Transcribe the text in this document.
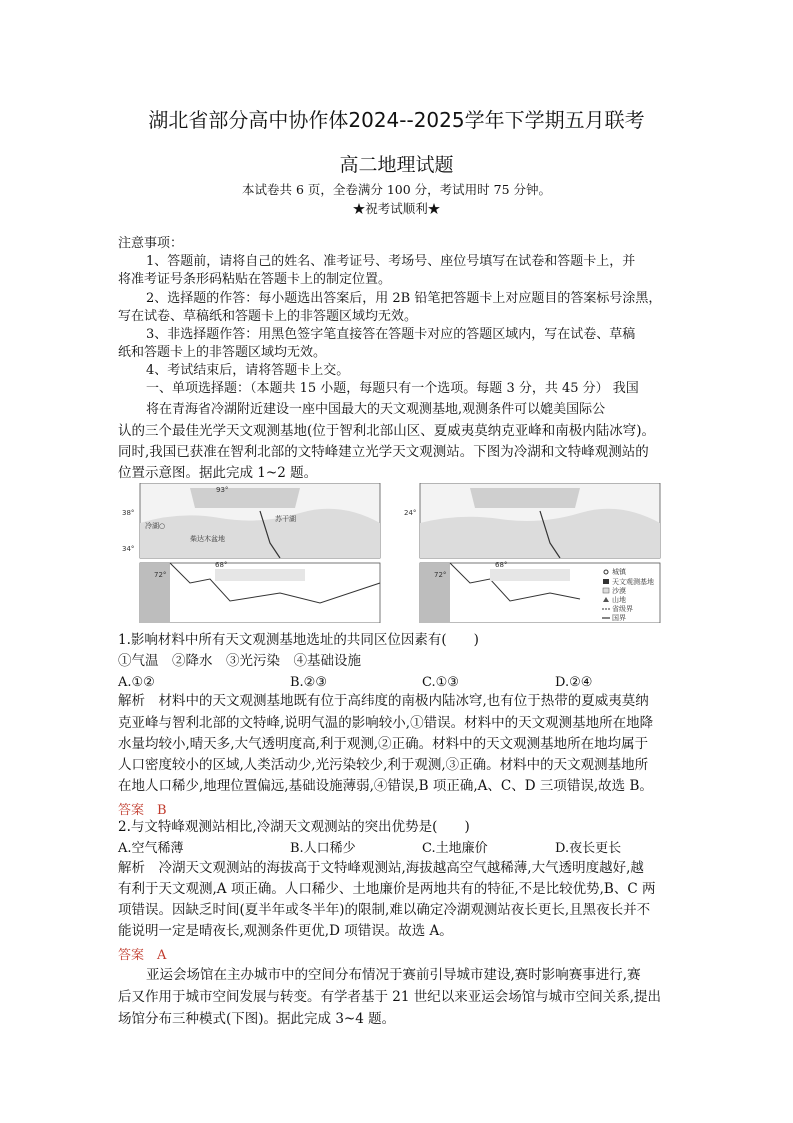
湖北省部分高中协作体2024--2025学年下学期五月联考
高二地理试题
本试卷共 6 页，全卷满分 100 分，考试用时 75 分钟。
★祝考试顺利★
注意事项：
1、答题前，请将自己的姓名、准考证号、考场号、座位号填写在试卷和答题卡上，并
将准考证号条形码粘贴在答题卡上的制定位置。
2、选择题的作答：每小题选出答案后，用 2B 铅笔把答题卡上对应题目的答案标号涂黑，
写在试卷、草稿纸和答题卡上的非答题区域均无效。
3、非选择题作答：用黑色签字笔直接答在答题卡对应的答题区域内，写在试卷、草稿
纸和答题卡上的非答题区域均无效。
4、考试结束后，请将答题卡上交。
一、单项选择题：（本题共 15 小题，每题只有一个选项。每题 3 分，共 45 分） 我国
将在青海省冷湖附近建设一座中国最大的天文观测基地,观测条件可以媲美国际公
认的三个最佳光学天文观测基地(位于智利北部山区、夏威夷莫纳克亚峰和南极内陆冰穹)。
同时,我国已获准在智利北部的文特峰建立光学天文观测站。下图为冷湖和文特峰观测站的
位置示意图。据此完成 1~2 题。
38°
34°
93°
冷湖○
苏干湖
柴达木盆地
72°
68°
24°
72°
68°
城镇
天文观测基地
沙漠
山地
省级界
国界
1.影响材料中所有天文观测基地选址的共同区位因素有(　　)
①气温　②降水　③光污染　④基础设施
A.①②	B.②③	C.①③	D.②④
解析　材料中的天文观测基地既有位于高纬度的南极内陆冰穹,也有位于热带的夏威夷莫纳
克亚峰与智利北部的文特峰,说明气温的影响较小,①错误。材料中的天文观测基地所在地降
水量均较小,晴天多,大气透明度高,利于观测,②正确。材料中的天文观测基地所在地均属于
人口密度较小的区域,人类活动少,光污染较少,利于观测,③正确。材料中的天文观测基地所
在地人口稀少,地理位置偏远,基础设施薄弱,④错误,B 项正确,A、C、D 三项错误,故选 B。
答案　B
2.与文特峰观测站相比,冷湖天文观测站的突出优势是(　　)
A.空气稀薄	B.人口稀少	C.土地廉价	D.夜长更长
解析　冷湖天文观测站的海拔高于文特峰观测站,海拔越高空气越稀薄,大气透明度越好,越
有利于天文观测,A 项正确。人口稀少、土地廉价是两地共有的特征,不是比较优势,B、C 两
项错误。因缺乏时间(夏半年或冬半年)的限制,难以确定冷湖观测站夜长更长,且黑夜长并不
能说明一定是晴夜长,观测条件更优,D 项错误。故选 A。
答案　A
亚运会场馆在主办城市中的空间分布情况于赛前引导城市建设,赛时影响赛事进行,赛
后又作用于城市空间发展与转变。有学者基于 21 世纪以来亚运会场馆与城市空间关系,提出
场馆分布三种模式(下图)。据此完成 3~4 题。
